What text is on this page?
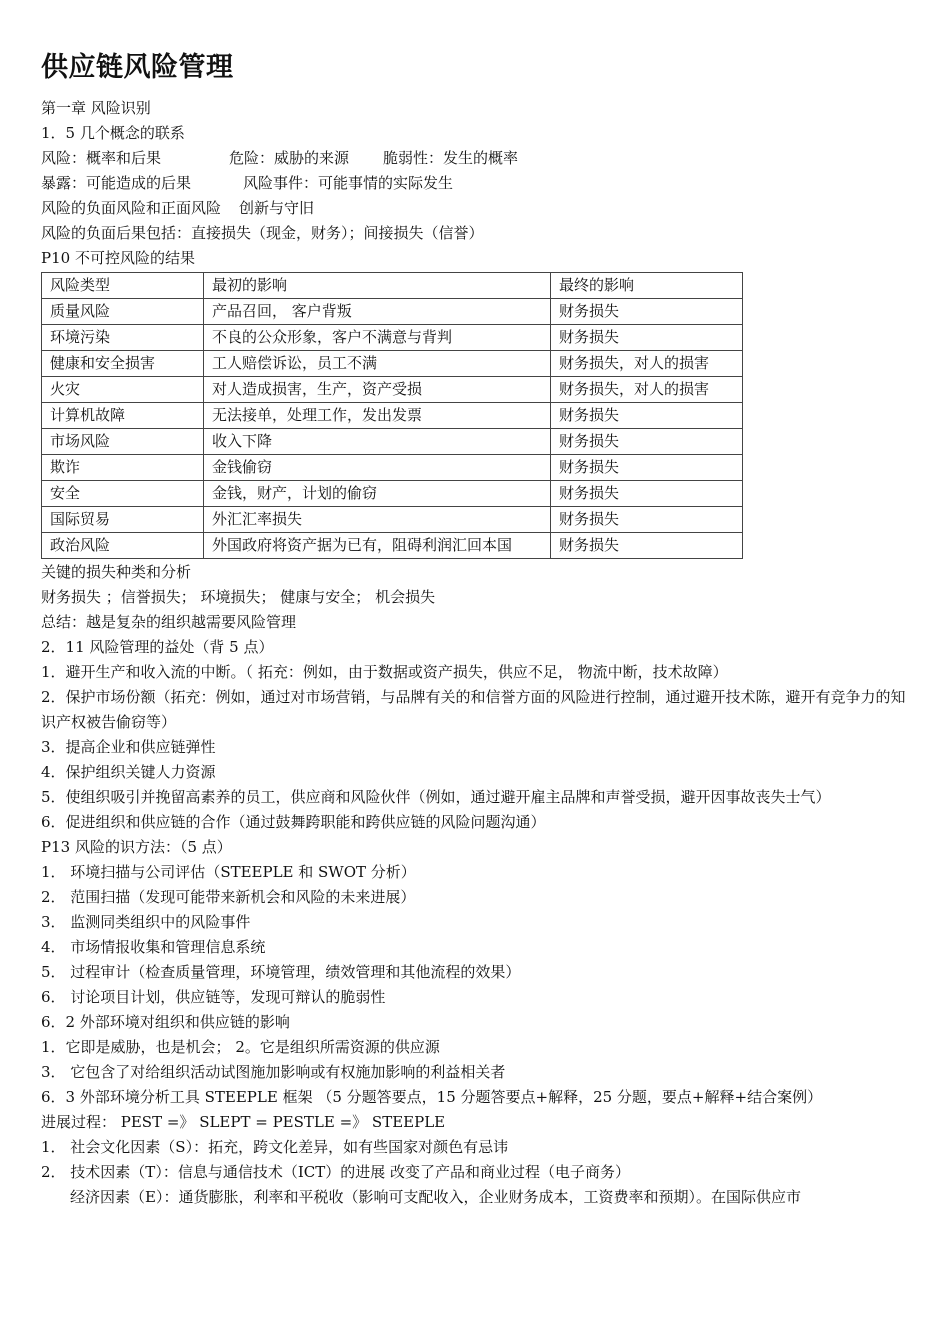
供应链风险管理
第一章 风险识别
1．5 几个概念的联系
风险：概率和后果	危险：威胁的来源 脆弱性：发生的概率
暴露：可能造成的后果	风险事件：可能事情的实际发生
风险的负面风险和正面风险 创新与守旧
风险的负面后果包括：直接损失（现金，财务）；间接损失（信誉）
P10 不可控风险的结果
风险类型	最初的影响	最终的影响
质量风险	产品召回， 客户背叛	财务损失
环境污染	不良的公众形象，客户不满意与背判	财务损失
健康和安全损害	工人赔偿诉讼，员工不满	财务损失，对人的损害
火灾	对人造成损害，生产，资产受损	财务损失，对人的损害
计算机故障	无法接单，处理工作，发出发票	财务损失
市场风险	收入下降	财务损失
欺诈	金钱偷窃	财务损失
安全	金钱，财产，计划的偷窃	财务损失
国际贸易	外汇汇率损失	财务损失
政治风险	外国政府将资产据为已有，阻碍利润汇回本国	财务损失
关键的损失种类和分析
财务损失 ；信誉损失； 环境损失； 健康与安全； 机会损失
总结：越是复杂的组织越需要风险管理
2．11 风险管理的益处（背 5 点）
1．避开生产和收入流的中断。（ 拓充：例如，由于数据或资产损失，供应不足， 物流中断，技术故障）
2．保护市场份额（拓充：例如，通过对市场营销，与品牌有关的和信誉方面的风险进行控制，通过避开技术陈，避开有竞争力的知识产权被告偷窃等）
3．提高企业和供应链弹性
4．保护组织关键人力资源
5．使组织吸引并挽留高素养的员工，供应商和风险伙伴（例如，通过避开雇主品牌和声誉受损，避开因事故丧失士气）
6．促进组织和供应链的合作（通过鼓舞跨职能和跨供应链的风险问题沟通）
P13 风险的识方法：（5 点）
1． 环境扫描与公司评估（STEEPLE 和 SWOT 分析）
2． 范围扫描（发现可能带来新机会和风险的未来进展）
3． 监测同类组织中的风险事件
4． 市场情报收集和管理信息系统
5． 过程审计（检查质量管理，环境管理，绩效管理和其他流程的效果）
6． 讨论项目计划，供应链等，发现可辩认的脆弱性
6．2 外部环境对组织和供应链的影响
1．它即是威胁，也是机会； 2。它是组织所需资源的供应源
3． 它包含了对给组织活动试图施加影响或有权施加影响的利益相关者
6．3 外部环境分析工具 STEEPLE 框架 （5 分题答要点，15 分题答要点+解释，25 分题，要点+解释+结合案例）
进展过程： PEST =》 SLEPT = PESTLE =》 STEEPLE
1． 社会文化因素（S）：拓充，跨文化差异，如有些国家对颜色有忌讳
2． 技术因素（T）：信息与通信技术（ICT）的进展 改变了产品和商业过程（电子商务）
经济因素（E）：通货膨胀，利率和平税收（影响可支配收入，企业财务成本，工资费率和预期）。在国际供应市
